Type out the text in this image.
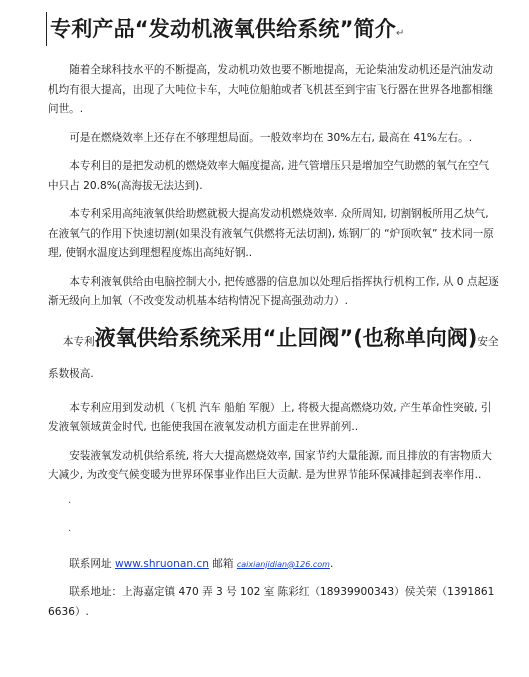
专利产品“发动机液氧供给系统”简介↵

随着全球科技水平的不断提高，发动机功效也要不断地提高，无论柴油发动机还是汽油发动机均有很大提高，出现了大吨位卡车，大吨位船舶或者飞机甚至到宇宙飞行器在世界各地都相继问世。.

可是在燃烧效率上还存在不够理想局面。一般效率均在 30%左右, 最高在 41%左右。.

本专利目的是把发动机的燃烧效率大幅度提高, 进气管增压只是增加空气助燃的氧气在空气中只占 20.8%(高海拔无法达到).

本专利采用高纯液氧供给助燃就极大提高发动机燃烧效率. 众所周知, 切割钢板所用乙炔气, 在液氧气的作用下快速切割(如果没有液氧气供燃将无法切割), 炼钢厂的 “炉顶吹氧” 技术同一原理, 使钢水温度达到理想程度炼出高纯好钢..

本专利液氧供给由电脑控制大小, 把传感器的信息加以处理后指挥执行机构工作, 从 0 点起逐渐无级向上加氧（不改变发动机基本结构情况下提高强劲动力）.

本专利液氧供给系统采用“止回阀”(也称单向阀)安全系数极高.

本专利应用到发动机（飞机 汽车 船舶 军舰）上, 将极大提高燃烧功效, 产生革命性突破, 引发液氧领域黄金时代, 也能使我国在液氧发动机方面走在世界前列..

安装液氧发动机供给系统, 将大大提高燃烧效率, 国家节约大量能源, 而且排放的有害物质大大减少, 为改变气候变暖为世界环保事业作出巨大贡献. 是为世界节能环保减排起到表率作用..

.
.

联系网址 www.shruonan.cn 邮箱 caixianjidian@126.com.

联系地址：上海嘉定镇 470 弄 3 号 102 室 陈彩红（18939900343）侯关荣（13918616636）.
